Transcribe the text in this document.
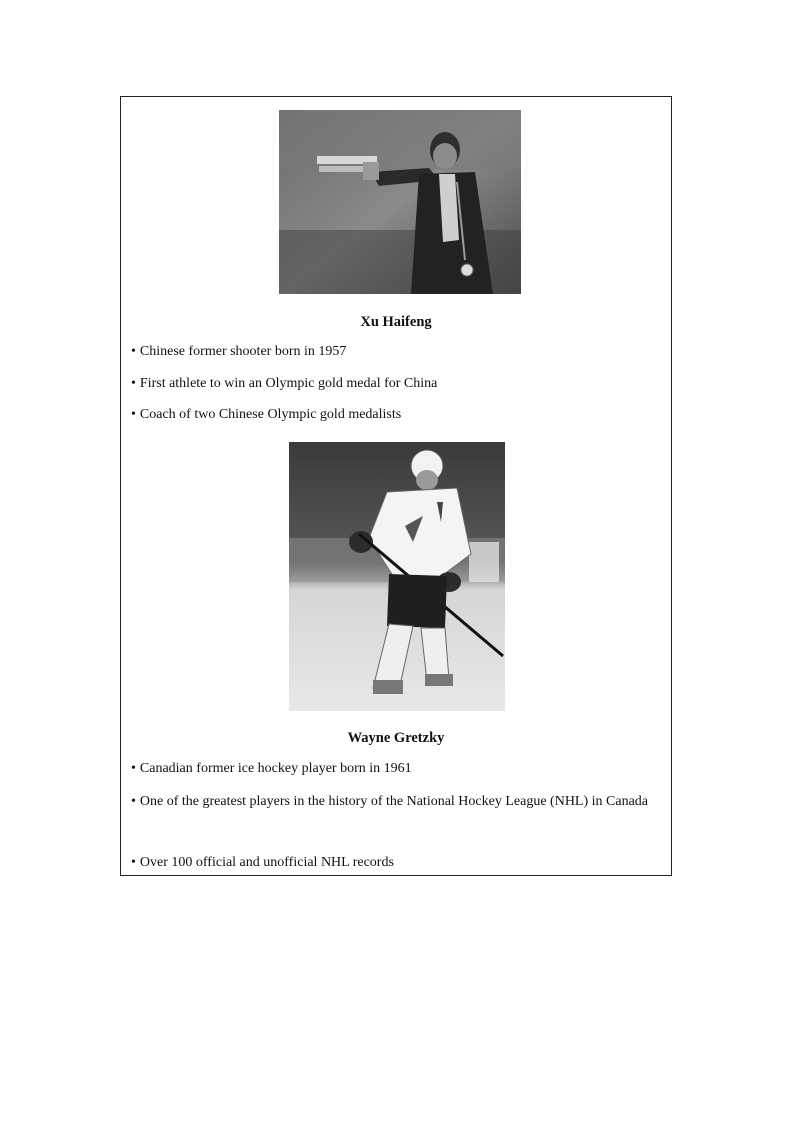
Xu Haifeng
• Chinese former shooter born in 1957
• First athlete to win an Olympic gold medal for China
• Coach of two Chinese Olympic gold medalists
Wayne Gretzky
• Canadian former ice hockey player born in 1961
• One of the greatest players in the history of the National Hockey League (NHL) in Canada
• Over 100 official and unofficial NHL records
